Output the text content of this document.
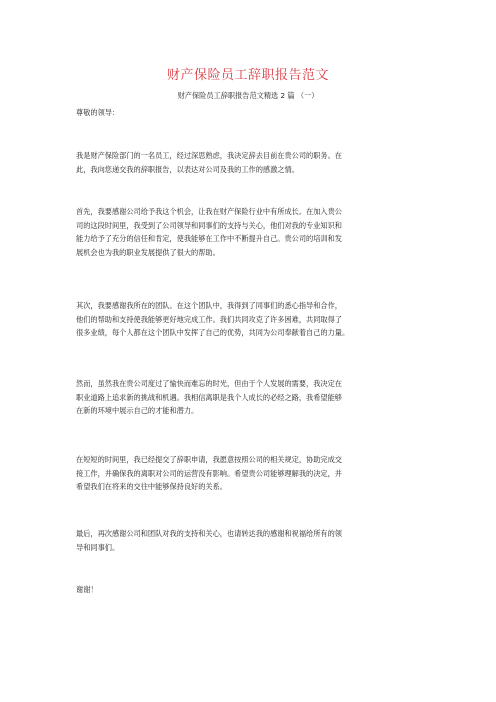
财产保险员工辞职报告范文
财产保险员工辞职报告范文精选 2 篇 （一）

尊敬的领导：

我是财产保险部门的一名员工，经过深思熟虑，我决定辞去目前在贵公司的职务。在
此，我向您递交我的辞职报告，以表达对公司及我的工作的感激之情。

首先，我要感谢公司给予我这个机会，让我在财产保险行业中有所成长。在加入贵公
司的这段时间里，我受到了公司领导和同事们的支持与关心，他们对我的专业知识和
能力给予了充分的信任和肯定，使我能够在工作中不断提升自己。贵公司的培训和发
展机会也为我的职业发展提供了很大的帮助。

其次，我要感谢我所在的团队。在这个团队中，我得到了同事们的悉心指导和合作，
他们的帮助和支持使我能够更好地完成工作。我们共同攻克了许多困难，共同取得了
很多业绩，每个人都在这个团队中发挥了自己的优势，共同为公司奉献着自己的力量。

然而，虽然我在贵公司度过了愉快而难忘的时光，但由于个人发展的需要，我决定在
职业道路上追求新的挑战和机遇。我相信离职是我个人成长的必经之路，我希望能够
在新的环境中展示自己的才能和潜力。

在短短的时间里，我已经提交了辞职申请，我愿意按照公司的相关规定，协助完成交
接工作，并确保我的离职对公司的运营没有影响。希望贵公司能够理解我的决定，并
希望我们在将来的交往中能够保持良好的关系。

最后，再次感谢公司和团队对我的支持和关心，也请转达我的感谢和祝福给所有的领
导和同事们。

谢谢！
